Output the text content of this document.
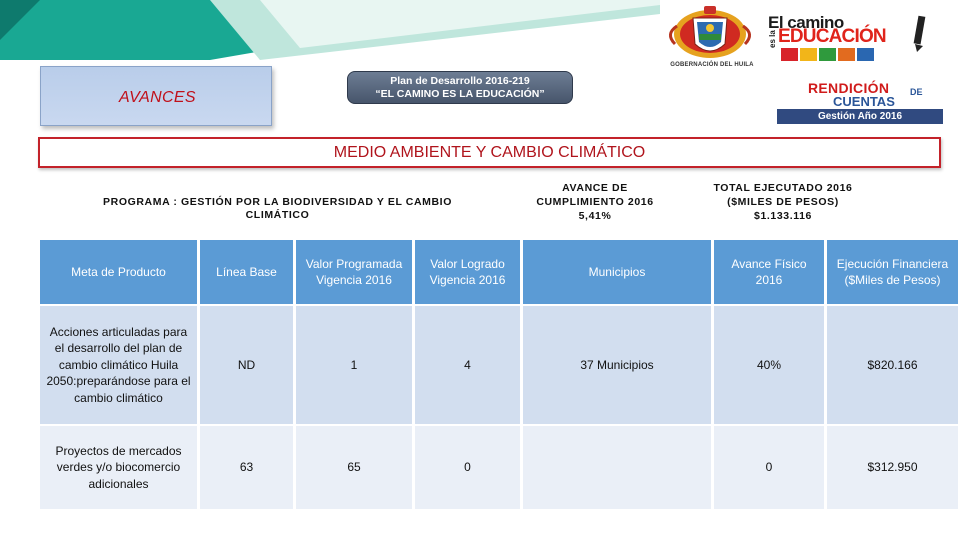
AVANCES
Plan de Desarrollo 2016-219
“EL CAMINO ES LA EDUCACIÓN”
GOBERNACIÓN DEL HUILA
El camino
es la EDUCACIÓN
RENDICIÓN DE
CUENTAS
Gestión Año 2016
MEDIO AMBIENTE Y CAMBIO CLIMÁTICO
PROGRAMA : GESTIÓN POR LA BIODIVERSIDAD Y EL CAMBIO CLIMÁTICO
AVANCE DE
CUMPLIMIENTO 2016
5,41%
TOTAL EJECUTADO 2016
($MILES DE PESOS)
$1.133.116
Meta de Producto	Línea Base	Valor Programada Vigencia 2016	Valor Logrado Vigencia 2016	Municipios	Avance Físico 2016	Ejecución Financiera ($Miles de Pesos)
Acciones articuladas para el desarrollo del plan de cambio climático Huila 2050:preparándose para el cambio climático	ND	1	4	37 Municipios	40%	$820.166
Proyectos de mercados verdes y/o biocomercio adicionales	63	65	0		0	$312.950
